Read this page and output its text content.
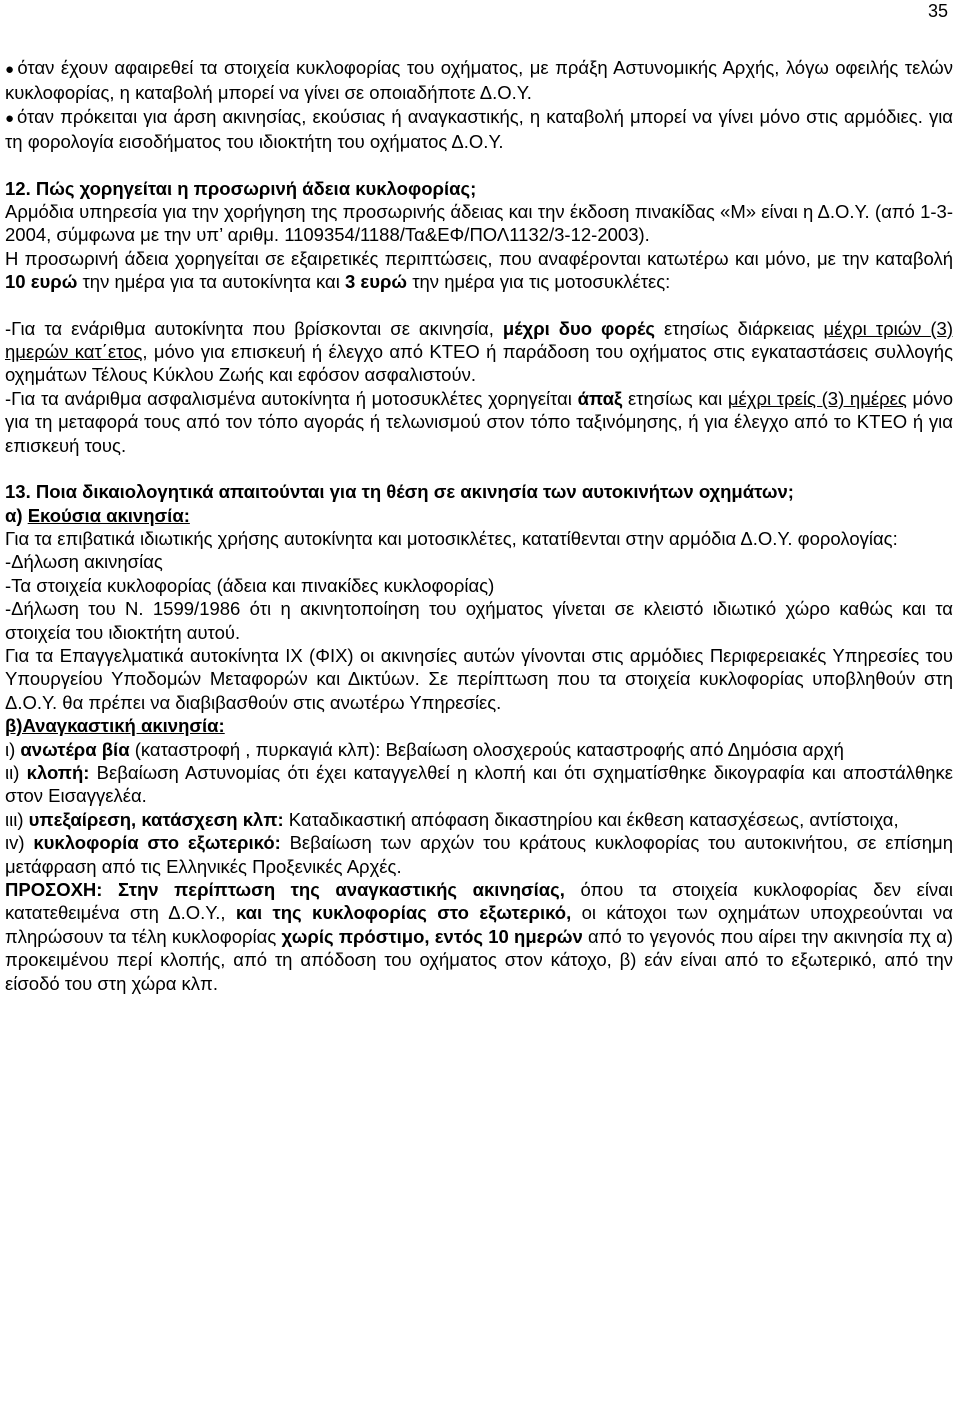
35

● όταν έχουν αφαιρεθεί τα στοιχεία κυκλοφορίας του οχήματος, με πράξη Αστυνομικής Αρχής, λόγω οφειλής τελών κυκλοφορίας, η καταβολή μπορεί να γίνει σε οποιαδήποτε Δ.Ο.Υ.

● όταν πρόκειται για άρση ακινησίας, εκούσιας ή αναγκαστικής, η καταβολή μπορεί να γίνει μόνο στις αρμόδιες. για τη φορολογία εισοδήματος του ιδιοκτήτη του οχήματος Δ.Ο.Υ.

12. Πώς χορηγείται η προσωρινή άδεια κυκλοφορίας;

Αρμόδια υπηρεσία για την χορήγηση της προσωρινής άδειας και την έκδοση πινακίδας «Μ» είναι η Δ.Ο.Υ. (από 1-3-2004, σύμφωνα με την υπ’ αριθμ. 1109354/1188/Τα&ΕΦ/ΠΟΛ1132/3-12-2003).

Η προσωρινή άδεια χορηγείται σε εξαιρετικές περιπτώσεις, που αναφέρονται κατωτέρω και μόνο, με την καταβολή 10 ευρώ την ημέρα για τα αυτοκίνητα και 3 ευρώ την ημέρα για τις μοτοσυκλέτες:

-Για τα ενάριθμα αυτοκίνητα που βρίσκονται σε ακινησία, μέχρι δυο φορές ετησίως διάρκειας μέχρι τριών (3) ημερών κατ΄ετος, μόνο για επισκευή ή έλεγχο από ΚΤΕΟ ή παράδοση του οχήματος στις εγκαταστάσεις συλλογής οχημάτων Τέλους Κύκλου Ζωής και εφόσον ασφαλιστούν.

-Για τα ανάριθμα ασφαλισμένα αυτοκίνητα ή μοτοσυκλέτες χορηγείται άπαξ ετησίως και μέχρι τρείς (3) ημέρες μόνο για τη μεταφορά τους από τον τόπο αγοράς ή τελωνισμού στον τόπο ταξινόμησης, ή για έλεγχο από το ΚΤΕΟ ή για επισκευή τους.

13. Ποια δικαιολογητικά απαιτούνται για τη θέση σε ακινησία των αυτοκινήτων οχημάτων;

α) Εκούσια ακινησία:

Για τα επιβατικά ιδιωτικής χρήσης αυτοκίνητα και μοτοσικλέτες, κατατίθενται στην αρμόδια Δ.Ο.Υ. φορολογίας:

-Δήλωση ακινησίας

-Τα στοιχεία κυκλοφορίας (άδεια και πινακίδες κυκλοφορίας)

-Δήλωση του Ν. 1599/1986 ότι η ακινητοποίηση του οχήματος γίνεται σε κλειστό ιδιωτικό χώρο καθώς και τα στοιχεία του ιδιοκτήτη αυτού.

Για τα Επαγγελματικά αυτοκίνητα ΙΧ (ΦΙΧ) οι ακινησίες αυτών γίνονται στις αρμόδιες Περιφερειακές Υπηρεσίες του Υπουργείου Υποδομών Μεταφορών και Δικτύων. Σε περίπτωση που τα στοιχεία κυκλοφορίας υποβληθούν στη Δ.Ο.Υ. θα πρέπει να διαβιβασθούν στις ανωτέρω Υπηρεσίες.

β)Αναγκαστική ακινησία:

ι) ανωτέρα βία (καταστροφή , πυρκαγιά κλπ): Βεβαίωση ολοσχερούς καταστροφής από Δημόσια αρχή

ιι) κλοπή: Βεβαίωση Αστυνομίας ότι έχει καταγγελθεί η κλοπή και ότι σχηματίσθηκε δικογραφία και αποστάλθηκε στον Εισαγγελέα.

ιιι) υπεξαίρεση, κατάσχεση κλπ: Καταδικαστική απόφαση δικαστηρίου και έκθεση κατασχέσεως, αντίστοιχα,

ιv) κυκλοφορία στο εξωτερικό: Βεβαίωση των αρχών του κράτους κυκλοφορίας του αυτοκινήτου, σε επίσημη μετάφραση από τις Ελληνικές Προξενικές Αρχές.

ΠΡΟΣΟΧΗ: Στην περίπτωση της αναγκαστικής ακινησίας, όπου τα στοιχεία κυκλοφορίας δεν είναι κατατεθειμένα στη Δ.Ο.Υ., και της κυκλοφορίας στο εξωτερικό, οι κάτοχοι των οχημάτων υποχρεούνται να πληρώσουν τα τέλη κυκλοφορίας χωρίς πρόστιμο, εντός 10 ημερών από το γεγονός που αίρει την ακινησία πχ α) προκειμένου περί κλοπής, από τη απόδοση του οχήματος στον κάτοχο, β) εάν είναι από το εξωτερικό, από την είσοδό του στη χώρα κλπ.
